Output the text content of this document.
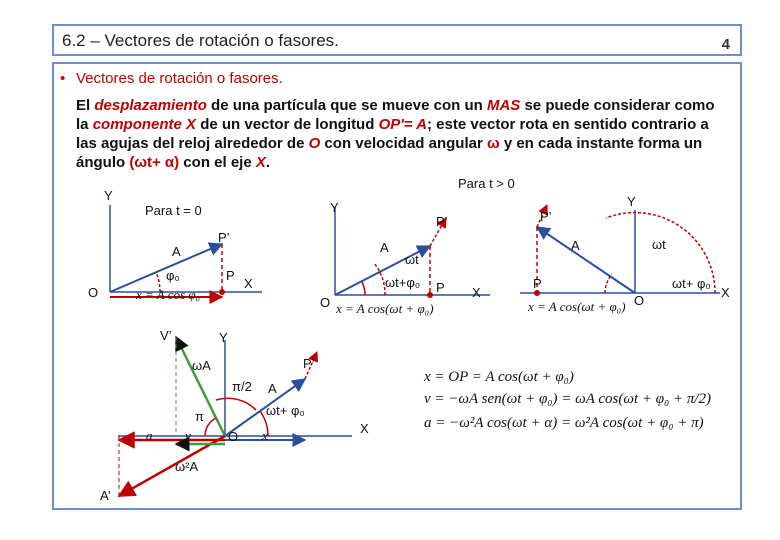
6.2 – Vectores de rotación o fasores.	4
• Vectores de rotación o fasores.
El desplazamiento de una partícula que se mueve con un MAS se puede considerar como la componente X de un vector de longitud OP'= A; este vector rota en sentido contrario a las agujas del reloj alrededor de O con velocidad angular ω y en cada instante forma un ángulo (ωt+ α) con el eje X.
Y
Para t = 0
O
A
P’
φ₀	P
X
x = A cos φ₀
Y
Para t > 0
P’
A
ωt
ωt+φ₀ P
O
X
x = A cos(ωt + φ₀)
Y
P’
A	ωt
ωt+ φ₀
P
O
X
x = A cos(ωt + φ₀)
V’	Y
ωA	P’
π/2 A
π	ωt+ φ₀
O
X
ω²A
A’
a	v	x
x = OP = A cos(ωt + φ₀)
v = −ωA sen(ωt + φ₀) = ωA cos(ωt + φ₀ + π/2)
a = −ω²A cos(ωt + α) = ω²A cos(ωt + φ₀ + π)
